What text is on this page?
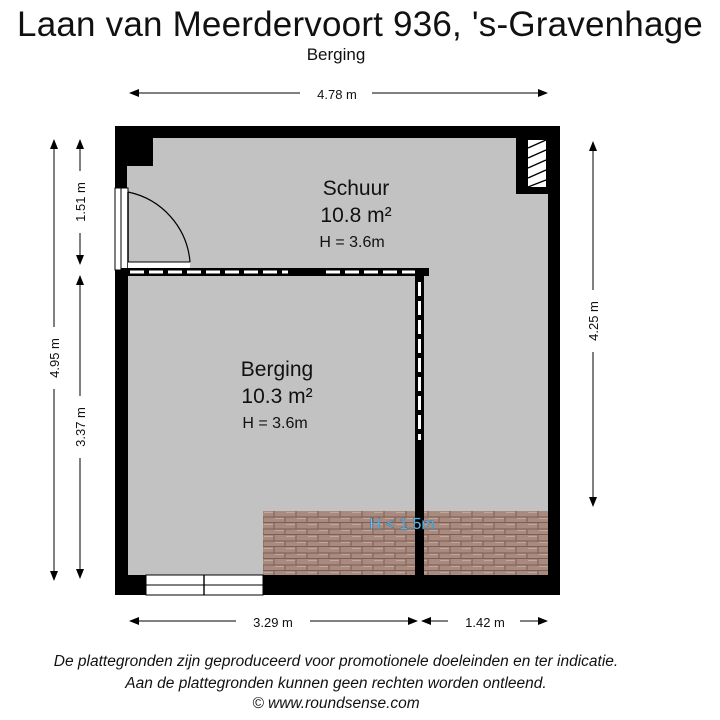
Laan van Meerdervoort 936, 's-Gravenhage
Berging
Schuur
10.8 m²
H = 3.6m
Berging
10.3 m²
H = 3.6m
H < 1.5m
4.78 m
4.25 m
4.95 m
1.51 m
3.37 m
3.29 m	1.42 m
De plattegronden zijn geproduceerd voor promotionele doeleinden en ter indicatie.
Aan de plattegronden kunnen geen rechten worden ontleend.
© www.roundsense.com
